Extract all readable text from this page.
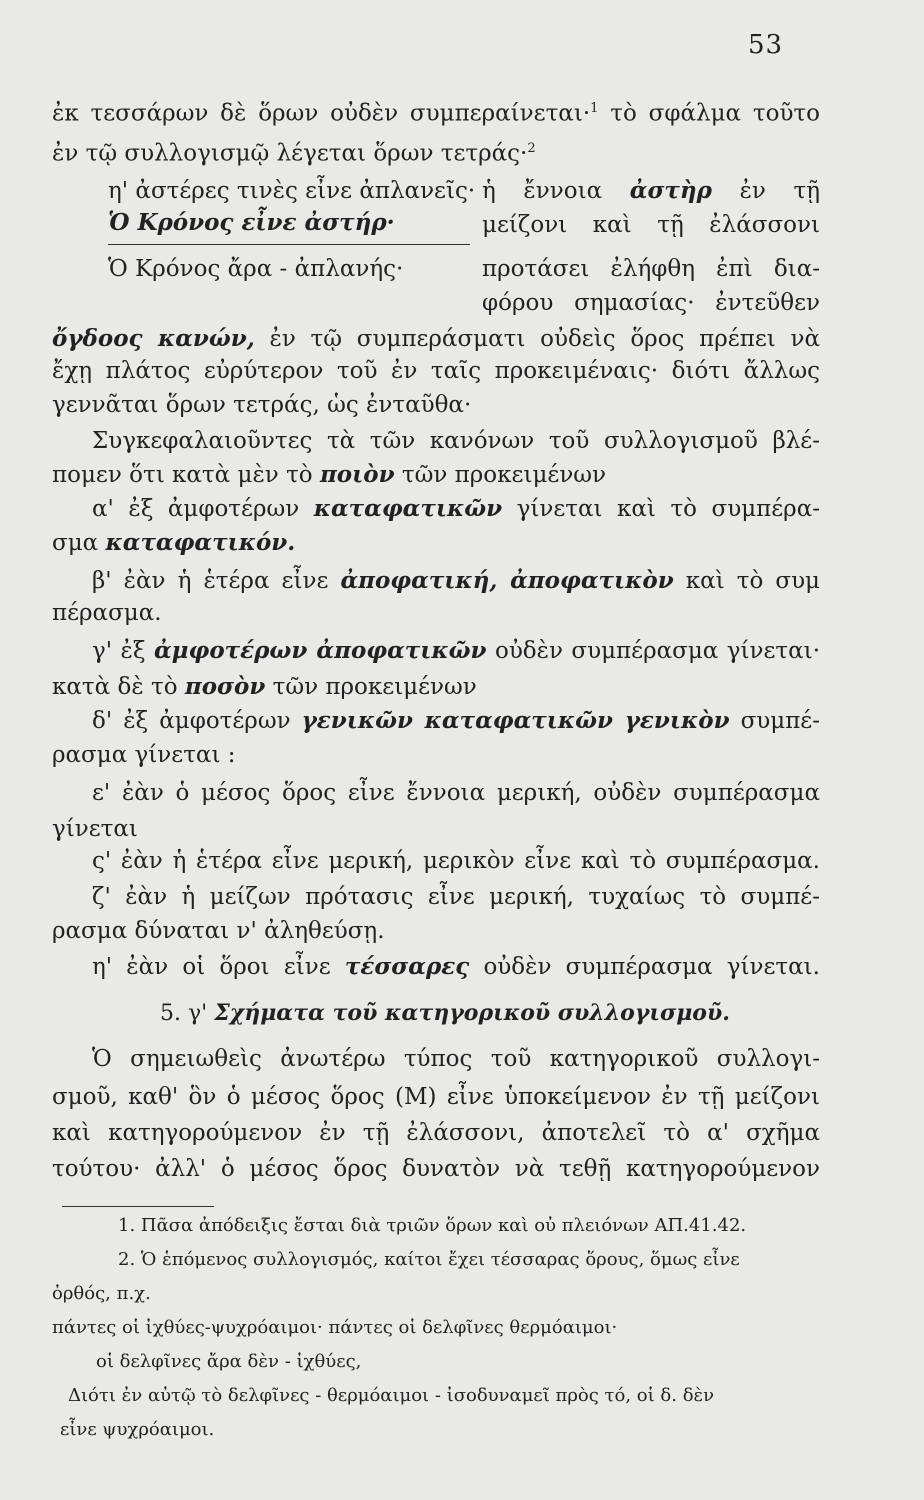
53
ἐκ τεσσάρων δὲ ὅρων οὐδὲν συμπεραίνεται·$^1$ τὸ σφάλμα τοῦτο
ἐν τῷ συλλογισμῷ λέγεται ὅρων τετράς·$^2$
η' ἀστέρες τινὲς εἶνε ἀπλανεῖς·
Ὁ Κρόνος εἶνε ἀστήρ·
Ὁ Κρόνος ἄρα - ἀπλανής·
ἡ ἔννοια ἀστὴρ ἐν τῇ
μείζονι καὶ τῇ ἐλάσσονι
προτάσει ἐλήφθη ἐπὶ δια-
φόρου σημασίας· ἐντεῦθεν
ὄγδοος κανών, ἐν τῷ συμπεράσματι οὐδεὶς ὅρος πρέπει νὰ
ἔχῃ πλάτος εὐρύτερον τοῦ ἐν ταῖς προκειμέναις· διότι ἄλλως
γεννᾶται ὅρων τετράς, ὡς ἐνταῦθα·
Συγκεφαλαιοῦντες τὰ τῶν κανόνων τοῦ συλλογισμοῦ βλέ-
πομεν ὅτι κατὰ μὲν τὸ ποιὸν τῶν προκειμένων
α' ἐξ ἀμφοτέρων καταφατικῶν γίνεται καὶ τὸ συμπέρα-
σμα καταφατικόν.
β' ἐὰν ἡ ἑτέρα εἶνε ἀποφατική, ἀποφατικὸν καὶ τὸ συμ
πέρασμα.
γ' ἐξ ἀμφοτέρων ἀποφατικῶν οὐδὲν συμπέρασμα γίνεται·
κατὰ δὲ τὸ ποσὸν τῶν προκειμένων
δ' ἐξ ἀμφοτέρων γενικῶν καταφατικῶν γενικὸν συμπέ-
ρασμα γίνεται :
ε' ἐὰν ὁ μέσος ὅρος εἶνε ἔννοια μερική, οὐδὲν συμπέρασμα
γίνεται
ς' ἐὰν ἡ ἑτέρα εἶνε μερική, μερικὸν εἶνε καὶ τὸ συμπέρασμα.
ζ' ἐὰν ἡ μείζων πρότασις εἶνε μερική, τυχαίως τὸ συμπέ-
ρασμα δύναται ν' ἀληθεύσῃ.
η' ἐὰν οἱ ὅροι εἶνε τέσσαρες οὐδὲν συμπέρασμα γίνεται.
5. γ' Σχήματα τοῦ κατηγορικοῦ συλλογισμοῦ.
Ὁ σημειωθεὶς ἀνωτέρω τύπος τοῦ κατηγορικοῦ συλλογι-
σμοῦ, καθ' ὃν ὁ μέσος ὅρος (Μ) εἶνε ὑποκείμενον ἐν τῇ μείζονι
καὶ κατηγορούμενον ἐν τῇ ἐλάσσονι, ἀποτελεῖ τὸ α' σχῆμα
τούτου· ἀλλ' ὁ μέσος ὅρος δυνατὸν νὰ τεθῇ κατηγορούμενον
1. Πᾶσα ἀπόδειξις ἔσται διὰ τριῶν ὅρων καὶ οὐ πλειόνων ΑΠ.41.42.
2. Ὁ ἑπόμενος συλλογισμός, καίτοι ἔχει τέσσαρας ὅρους, ὅμως εἶνε
ὀρθός, π.χ.
πάντες οἱ ἰχθύες-ψυχρόαιμοι· πάντες οἱ δελφῖνες θερμόαιμοι·
οἱ δελφῖνες ἄρα δὲν - ἰχθύες,
Διότι ἐν αὐτῷ τὸ δελφῖνες - θερμόαιμοι - ἰσοδυναμεῖ πρὸς τό, οἱ δ. δὲν
εἶνε ψυχρόαιμοι.
